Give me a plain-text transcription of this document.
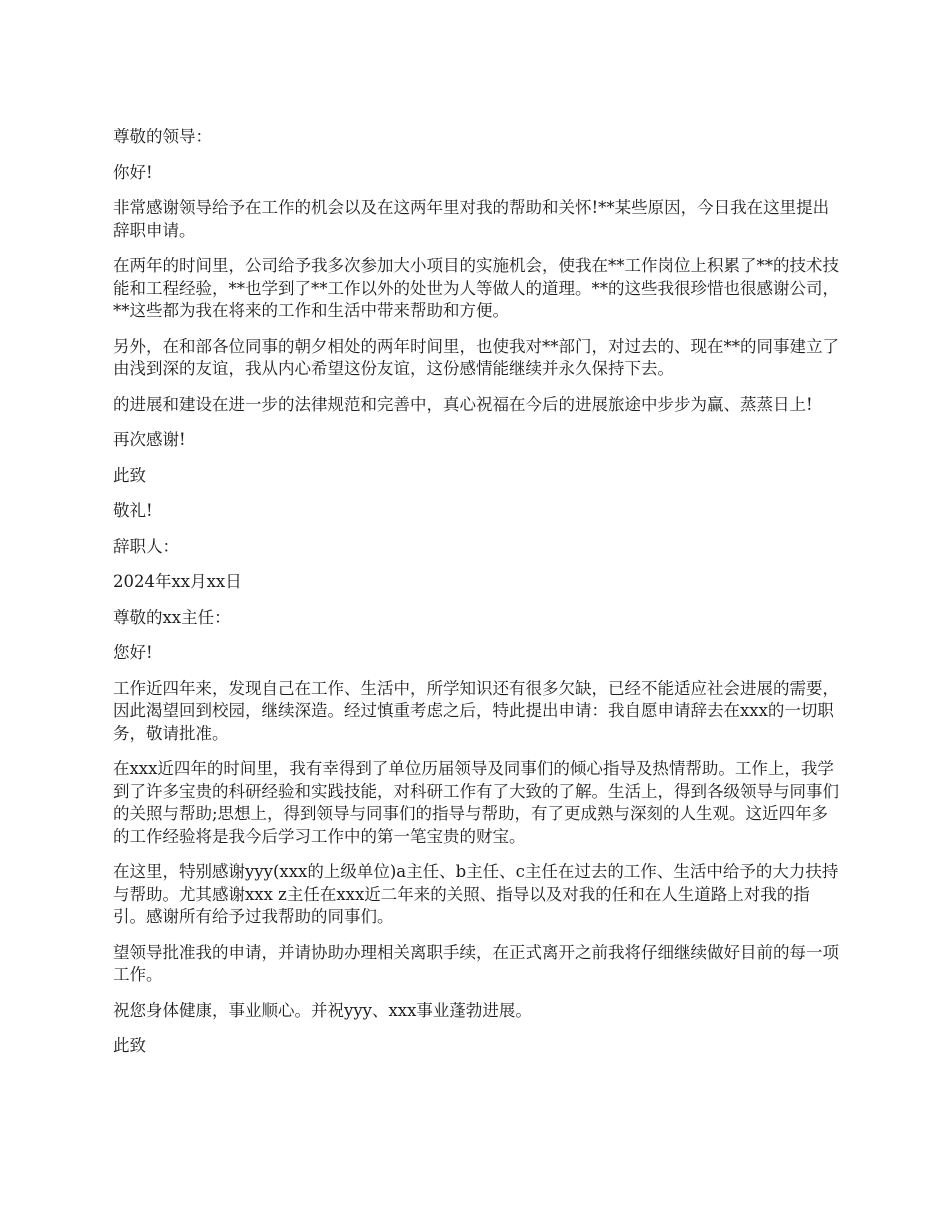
尊敬的领导：

你好!

非常感谢领导给予在工作的机会以及在这两年里对我的帮助和关怀!**某些原因，今日我在这里提出辞职申请。

在两年的时间里，公司给予我多次参加大小项目的实施机会，使我在**工作岗位上积累了**的技术技能和工程经验，**也学到了**工作以外的处世为人等做人的道理。**的这些我很珍惜也很感谢公司，**这些都为我在将来的工作和生活中带来帮助和方便。

另外，在和部各位同事的朝夕相处的两年时间里，也使我对**部门，对过去的、现在**的同事建立了由浅到深的友谊，我从内心希望这份友谊，这份感情能继续并永久保持下去。

的进展和建设在进一步的法律规范和完善中，真心祝福在今后的进展旅途中步步为赢、蒸蒸日上!

再次感谢!

此致

敬礼!

辞职人：

2024年xx月xx日

尊敬的xx主任：

您好!

工作近四年来，发现自己在工作、生活中，所学知识还有很多欠缺，已经不能适应社会进展的需要，因此渴望回到校园，继续深造。经过慎重考虑之后，特此提出申请：我自愿申请辞去在xxx的一切职务，敬请批准。

在xxx近四年的时间里，我有幸得到了单位历届领导及同事们的倾心指导及热情帮助。工作上，我学到了许多宝贵的科研经验和实践技能，对科研工作有了大致的了解。生活上，得到各级领导与同事们的关照与帮助;思想上，得到领导与同事们的指导与帮助，有了更成熟与深刻的人生观。这近四年多的工作经验将是我今后学习工作中的第一笔宝贵的财宝。

在这里，特别感谢yyy(xxx的上级单位)a主任、b主任、c主任在过去的工作、生活中给予的大力扶持与帮助。尤其感谢xxx z主任在xxx近二年来的关照、指导以及对我的任和在人生道路上对我的指引。感谢所有给予过我帮助的同事们。

望领导批准我的申请，并请协助办理相关离职手续，在正式离开之前我将仔细继续做好目前的每一项工作。

祝您身体健康，事业顺心。并祝yyy、xxx事业蓬勃进展。

此致
